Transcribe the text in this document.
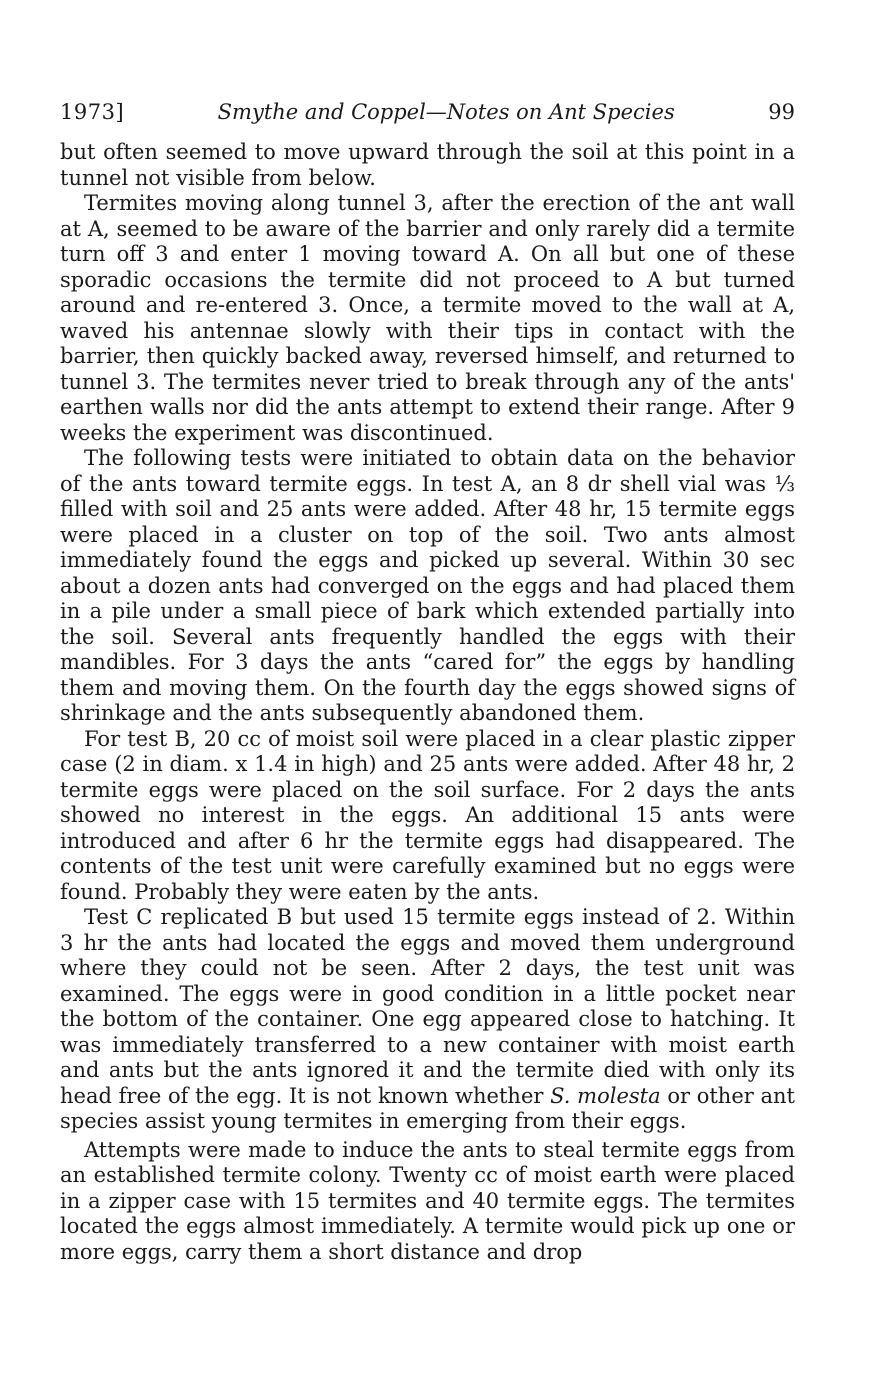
1973]	Smythe and Coppel—Notes on Ant Species	99

but often seemed to move upward through the soil at this point in a tunnel not visible from below.

Termites moving along tunnel 3, after the erection of the ant wall at A, seemed to be aware of the barrier and only rarely did a termite turn off 3 and enter 1 moving toward A. On all but one of these sporadic occasions the termite did not proceed to A but turned around and re-entered 3. Once, a termite moved to the wall at A, waved his antennae slowly with their tips in contact with the barrier, then quickly backed away, reversed himself, and returned to tunnel 3. The termites never tried to break through any of the ants' earthen walls nor did the ants attempt to extend their range. After 9 weeks the experiment was discontinued.

The following tests were initiated to obtain data on the behavior of the ants toward termite eggs. In test A, an 8 dr shell vial was ⅓ filled with soil and 25 ants were added. After 48 hr, 15 termite eggs were placed in a cluster on top of the soil. Two ants almost immediately found the eggs and picked up several. Within 30 sec about a dozen ants had converged on the eggs and had placed them in a pile under a small piece of bark which extended partially into the soil. Several ants frequently handled the eggs with their mandibles. For 3 days the ants “cared for” the eggs by handling them and moving them. On the fourth day the eggs showed signs of shrinkage and the ants subsequently abandoned them.

For test B, 20 cc of moist soil were placed in a clear plastic zipper case (2 in diam. x 1.4 in high) and 25 ants were added. After 48 hr, 2 termite eggs were placed on the soil surface. For 2 days the ants showed no interest in the eggs. An additional 15 ants were introduced and after 6 hr the termite eggs had disappeared. The contents of the test unit were carefully examined but no eggs were found. Probably they were eaten by the ants.

Test C replicated B but used 15 termite eggs instead of 2. Within 3 hr the ants had located the eggs and moved them underground where they could not be seen. After 2 days, the test unit was examined. The eggs were in good condition in a little pocket near the bottom of the container. One egg appeared close to hatching. It was immediately transferred to a new container with moist earth and ants but the ants ignored it and the termite died with only its head free of the egg. It is not known whether S. molesta or other ant species assist young termites in emerging from their eggs.

Attempts were made to induce the ants to steal termite eggs from an established termite colony. Twenty cc of moist earth were placed in a zipper case with 15 termites and 40 termite eggs. The termites located the eggs almost immediately. A termite would pick up one or more eggs, carry them a short distance and drop
